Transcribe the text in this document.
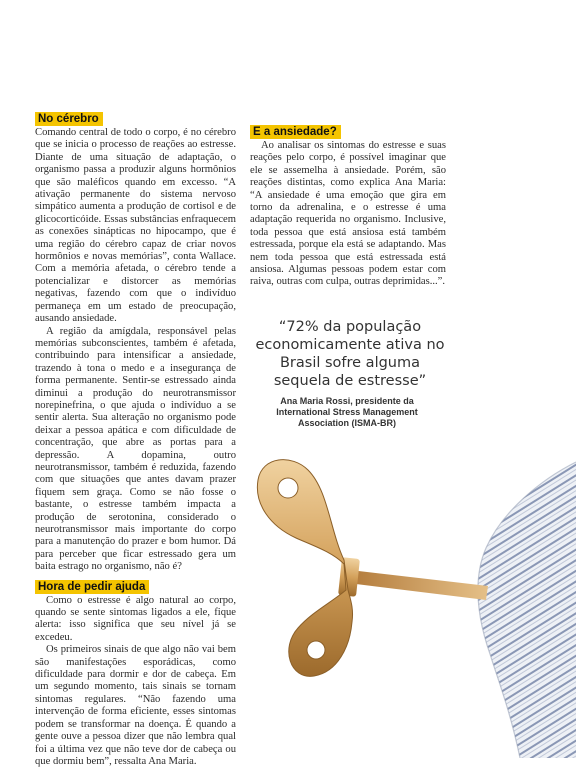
No cérebro

Comando central de todo o corpo, é no cérebro que se inicia o processo de reações ao estresse. Diante de uma situação de adaptação, o organismo passa a produzir alguns hormônios que são maléficos quando em excesso. “A ativação permanente do sistema nervoso simpático aumenta a produção de cortisol e de glicocorticóide. Essas substâncias enfraquecem as conexões sinápticas no hipocampo, que é uma região do cérebro capaz de criar novos hormônios e novas memórias”, conta Wallace. Com a memória afetada, o cérebro tende a potencializar e distorcer as memórias negativas, fazendo com que o indivíduo permaneça em um estado de preocupação, ausando ansiedade.

A região da amígdala, responsável pelas memórias subconscientes, também é afetada, contribuindo para intensificar a ansiedade, trazendo à tona o medo e a insegurança de forma permanente. Sentir-se estressado ainda diminui a produção do neurotransmissor norepinefrina, o que ajuda o indivíduo a se sentir alerta. Sua alteração no organismo pode deixar a pessoa apática e com dificuldade de concentração, que abre as portas para a depressão. A dopamina, outro neurotransmissor, também é reduzida, fazendo com que situações que antes davam prazer fiquem sem graça. Como se não fosse o bastante, o estresse também impacta a produção de serotonina, considerado o neurotransmissor mais importante do corpo para a manutenção do prazer e bom humor. Dá para perceber que ficar estressado gera um baita estrago no organismo, não é?

Hora de pedir ajuda

Como o estresse é algo natural ao corpo, quando se sente sintomas ligados a ele, fique alerta: isso significa que seu nível já se excedeu.

Os primeiros sinais de que algo não vai bem são manifestações esporádicas, como dificuldade para dormir e dor de cabeça. Em um segundo momento, tais sinais se tornam sintomas regulares. “Não fazendo uma intervenção de forma eficiente, esses sintomas podem se transformar na doença. É quando a gente ouve a pessoa dizer que não lembra qual foi a última vez que não teve dor de cabeça ou que dormiu bem”, ressalta Ana Maria.

E a ansiedade?

Ao analisar os sintomas do estresse e suas reações pelo corpo, é possível imaginar que ele se assemelha à ansiedade. Porém, são reações distintas, como explica Ana Maria: “A ansiedade é uma emoção que gira em torno da adrenalina, e o estresse é uma adaptação requerida no organismo. Inclusive, toda pessoa que está ansiosa está também estressada, porque ela está se adaptando. Mas nem toda pessoa que está estressada está ansiosa. Algumas pessoas podem estar com raiva, outras com culpa, outras deprimidas...”.

“72% da população economicamente ativa no Brasil sofre alguma sequela de estresse”
Ana Maria Rossi, presidente da International Stress Management Association (ISMA-BR)
